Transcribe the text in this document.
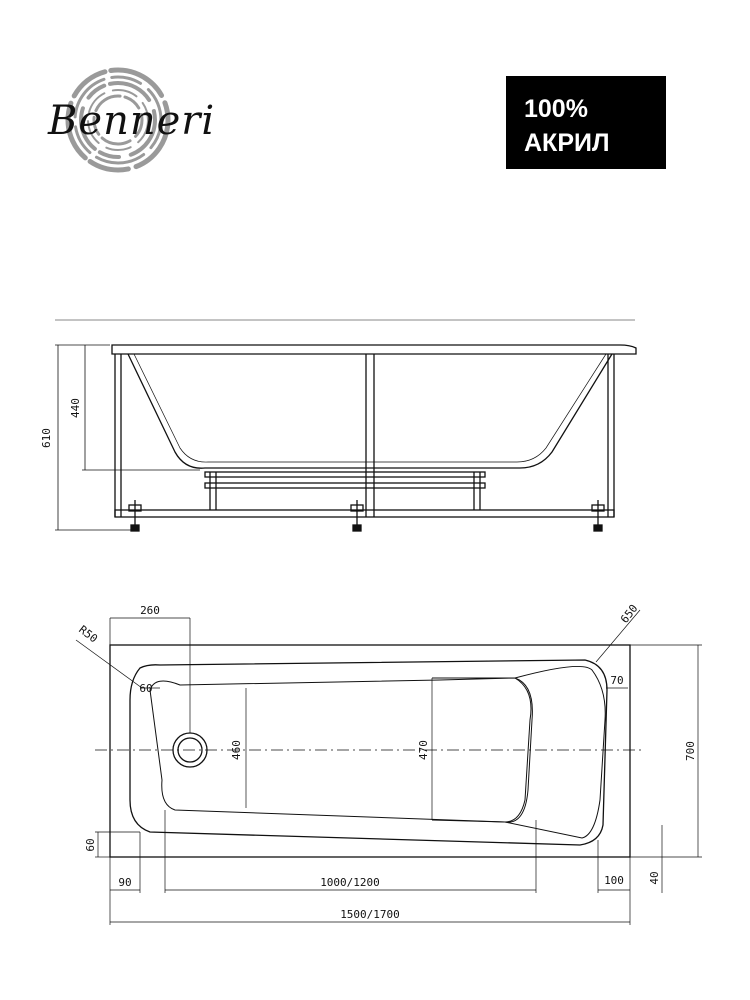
Benneri	100%
АКРИЛ
610
440
260
R50
650
60
70
460	470	700
60
40
90	1000/1200	100
1500/1700
